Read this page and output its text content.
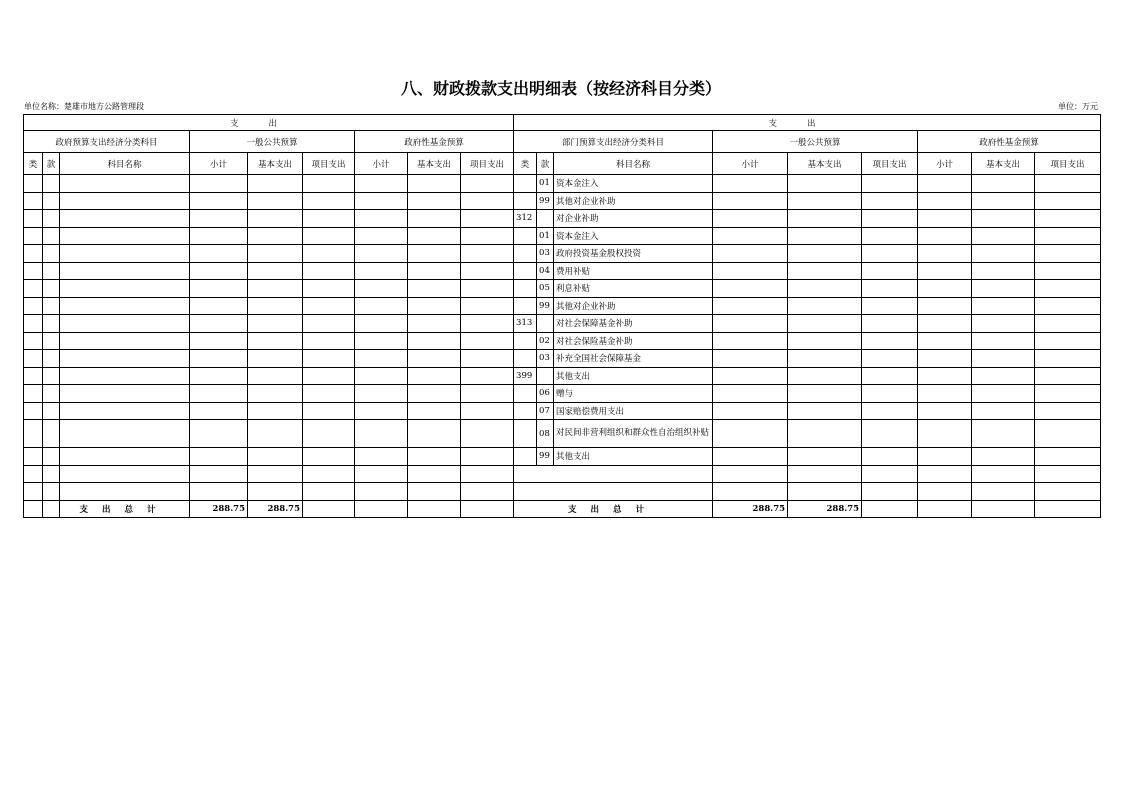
八、财政拨款支出明细表（按经济科目分类）
单位名称：楚雄市地方公路管理段	单位：万元
支出									支出								
政府预算支出经济分类科目			一般公共预算			政府性基金预算			部门预算支出经济分类科目			一般公共预算			政府性基金预算		
类	款	科目名称	小计	基本支出	项目支出	小计	基本支出	项目支出	类	款	科目名称	小计	基本支出	项目支出	小计	基本支出	项目支出
										01	资本金注入						
										99	其他对企业补助						
									312		对企业补助						
										01	资本金注入						
										03	政府投资基金股权投资						
										04	费用补贴						
										05	利息补贴						
										99	其他对企业补助						
									313		对社会保障基金补助						
										02	对社会保险基金补助						
										03	补充全国社会保障基金						
									399		其他支出						
										06	赠与						
										07	国家赔偿费用支出						
										08	对民间非营利组织和群众性自治组织补贴						
										99	其他支出						

		支出总计	288.75	288.75					支出总计			288.75	288.75				
